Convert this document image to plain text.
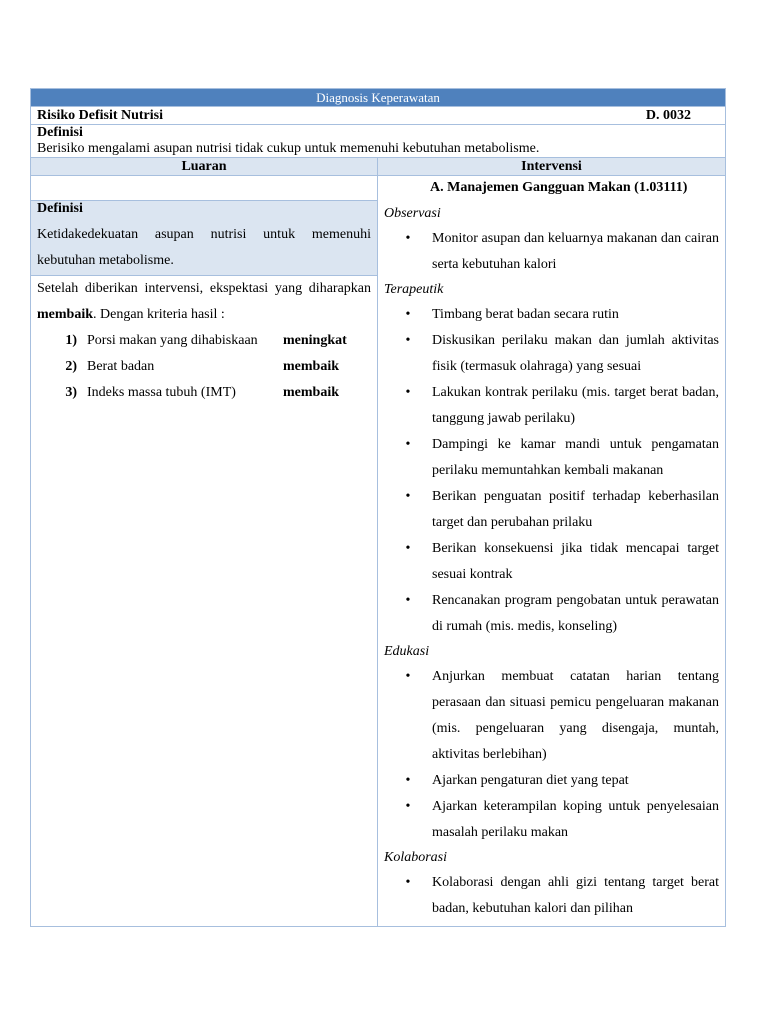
Diagnosis Keperawatan
Risiko Defisit Nutrisi	D. 0032
Definisi
Berisiko mengalami asupan nutrisi tidak cukup untuk memenuhi kebutuhan metabolisme.
Luaran	Intervensi
Definisi
Ketidakedekuatan asupan nutrisi untuk memenuhi kebutuhan metabolisme.
Setelah diberikan intervensi, ekspektasi yang diharapkan membaik. Dengan kriteria hasil :
1) Porsi makan yang dihabiskaan	meningkat
2) Berat badan	membaik
3) Indeks massa tubuh (IMT)	membaik
A. Manajemen Gangguan Makan (1.03111)
Observasi
•	Monitor asupan dan keluarnya makanan dan cairan serta kebutuhan kalori
Terapeutik
•	Timbang berat badan secara rutin
•	Diskusikan perilaku makan dan jumlah aktivitas fisik (termasuk olahraga) yang sesuai
•	Lakukan kontrak perilaku (mis. target berat badan, tanggung jawab perilaku)
•	Dampingi ke kamar mandi untuk pengamatan perilaku memuntahkan kembali makanan
•	Berikan penguatan positif terhadap keberhasilan target dan perubahan prilaku
•	Berikan konsekuensi jika tidak mencapai target sesuai kontrak
•	Rencanakan program pengobatan untuk perawatan di rumah (mis. medis, konseling)
Edukasi
•	Anjurkan membuat catatan harian tentang perasaan dan situasi pemicu pengeluaran makanan (mis. pengeluaran yang disengaja, muntah, aktivitas berlebihan)
•	Ajarkan pengaturan diet yang tepat
•	Ajarkan keterampilan koping untuk penyelesaian masalah perilaku makan
Kolaborasi
•	Kolaborasi dengan ahli gizi tentang target berat badan, kebutuhan kalori dan pilihan
